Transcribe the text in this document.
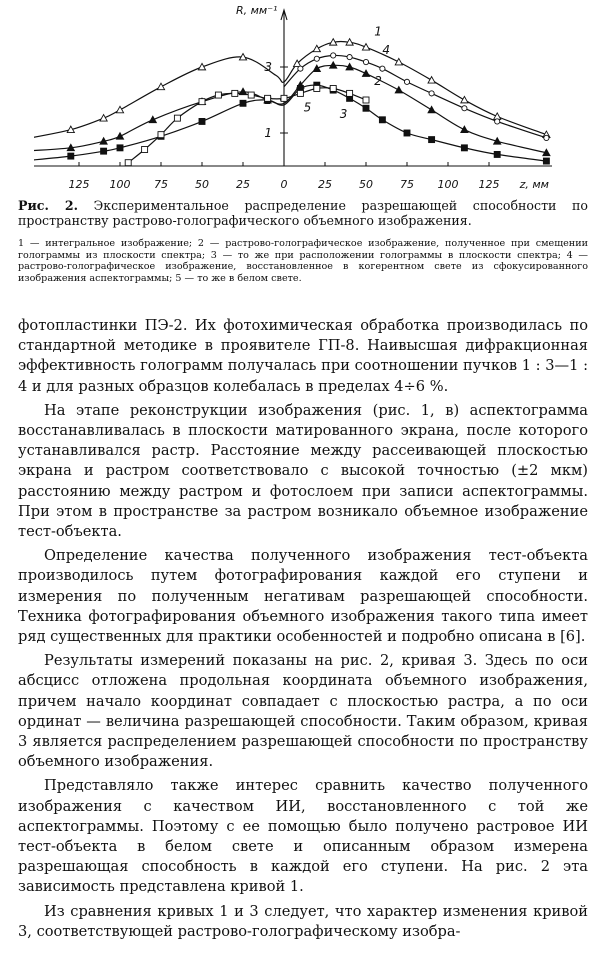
125 100 75 50 25	0	25 50 75 100 125 z, мм
1
3
R, мм⁻¹
1
2
3
4
5
Рис. 2. Экспериментальное распределение разрешающей способности по пространству растрово-голографического объемного изображения.
1 — интегральное изображение; 2 — растрово-голографическое изображение, полученное при смещении голограммы из плоскости спектра; 3 — то же при расположении голограммы в плоскости спектра; 4 — растрово-голографическое изображение, восстановленное в когерентном свете из сфокусированного изображения аспектограммы; 5 — то же в белом свете.

фотопластинки ПЭ-2. Их фотохимическая обработка производилась по стандартной методике в проявителе ГП-8. Наивысшая дифракционная эффективность голограмм получалась при соотношении пучков 1 : 3—1 : 4 и для разных образцов колебалась в пределах 4÷6 %.

На этапе реконструкции изображения (рис. 1, в) аспектограмма восстанавливалась в плоскости матированного экрана, после которого устанавливался растр. Расстояние между рассеивающей плоскостью экрана и растром соответствовало с высокой точностью (±2 мкм) расстоянию между растром и фотослоем при записи аспектограммы. При этом в пространстве за растром возникало объемное изображение тест-объекта.

Определение качества полученного изображения тест-объекта производилось путем фотографирования каждой его ступени и измерения по полученным негативам разрешающей способности. Техника фотографирования объемного изображения такого типа имеет ряд существенных для практики особенностей и подробно описана в [6].

Результаты измерений показаны на рис. 2, кривая 3. Здесь по оси абсцисс отложена продольная координата объемного изображения, причем начало координат совпадает с плоскостью растра, а по оси ординат — величина разрешающей способности. Таким образом, кривая 3 является распределением разрешающей способности по пространству объемного изображения.

Представляло также интерес сравнить качество полученного изображения с качеством ИИ, восстановленного с той же аспектограммы. Поэтому с ее помощью было получено растровое ИИ тест-объекта в белом свете и описанным образом измерена разрешающая способность в каждой его ступени. На рис. 2 эта зависимость представлена кривой 1.

Из сравнения кривых 1 и 3 следует, что характер изменения кривой 3, соответствующей растрово-голографическому изобра-
